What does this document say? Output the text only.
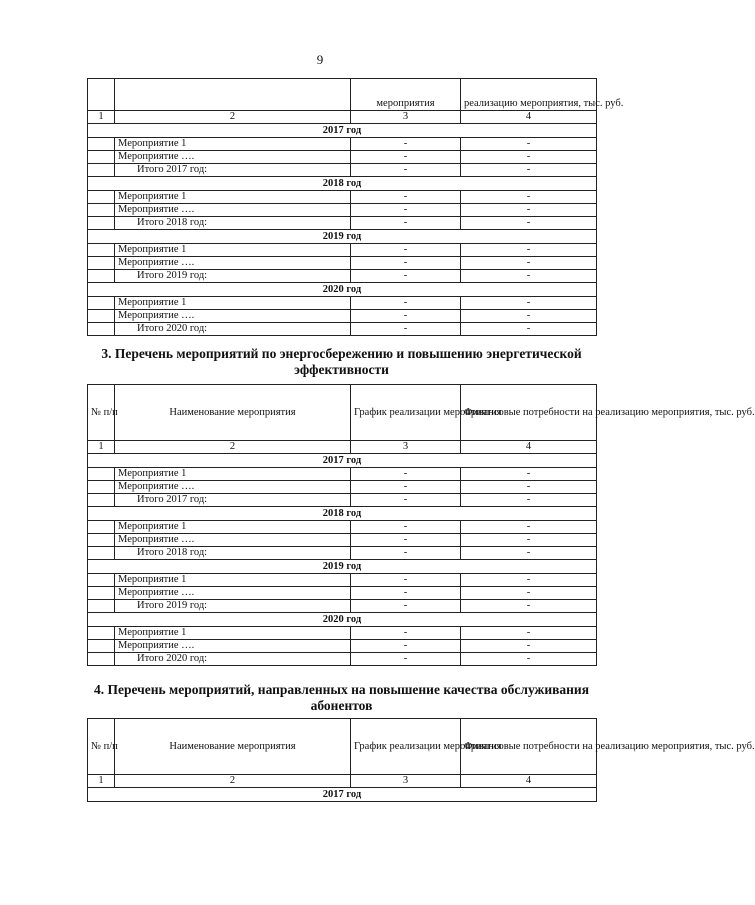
9
		мероприятия	реализацию мероприятия, тыс. руб.
1	2	3	4
2017 год			
	Мероприятие 1	-	-
	Мероприятие ….	-	-
	Итого 2017 год:	-	-
2018 год			
	Мероприятие 1	-	-
	Мероприятие ….	-	-
	Итого 2018 год:	-	-
2019 год			
	Мероприятие 1	-	-
	Мероприятие ….	-	-
	Итого 2019 год:	-	-
2020 год			
	Мероприятие 1	-	-
	Мероприятие ….	-	-
	Итого 2020 год:	-	-
3. Перечень мероприятий по энергосбережению и повышению энергетической эффективности
№ п/п	Наименование мероприятия	График реализации мероприятия	Финансовые потребности на реализацию мероприятия, тыс. руб.
1	2	3	4
2017 год			
	Мероприятие 1	-	-
	Мероприятие ….	-	-
	Итого 2017 год:	-	-
2018 год			
	Мероприятие 1	-	-
	Мероприятие ….	-	-
	Итого 2018 год:	-	-
2019 год			
	Мероприятие 1	-	-
	Мероприятие ….	-	-
	Итого 2019 год:	-	-
2020 год			
	Мероприятие 1	-	-
	Мероприятие ….	-	-
	Итого 2020 год:	-	-
4. Перечень мероприятий, направленных на повышение качества обслуживания абонентов
№ п/п	Наименование мероприятия	График реализации мероприятия	Финансовые потребности на реализацию мероприятия, тыс. руб.
1	2	3	4
2017 год			
